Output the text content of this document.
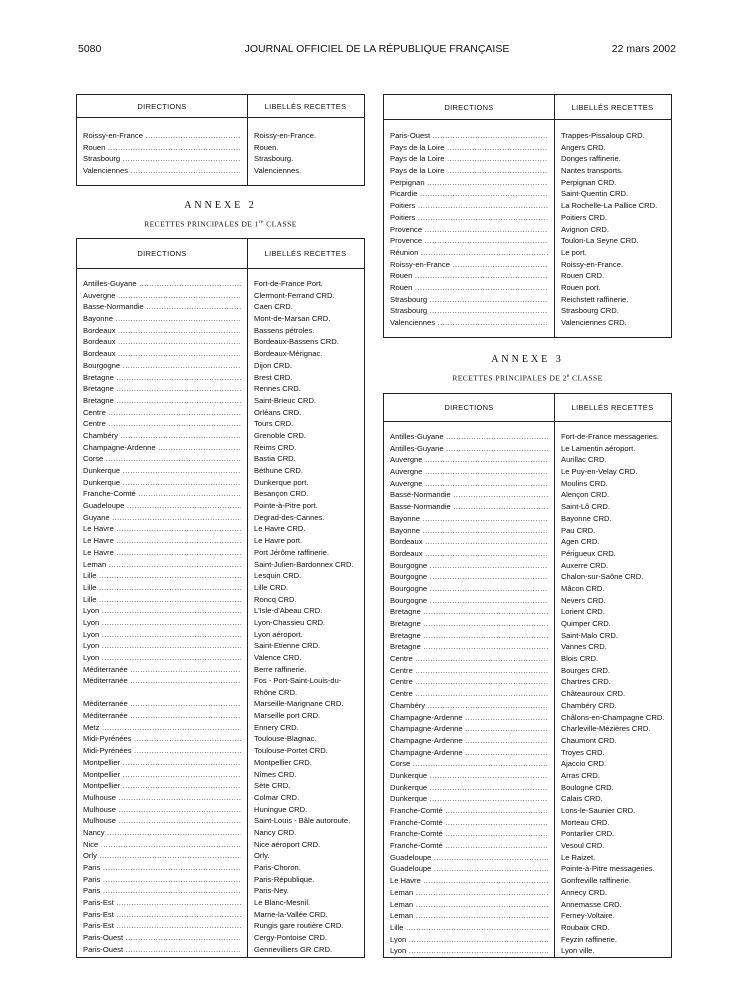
5080	JOURNAL OFFICIEL DE LA RÉPUBLIQUE FRANÇAISE	22 mars 2002
DIRECTIONS	LIBELLÉS RECETTES
Roissy-en-France .....	Roissy-en-France.
Rouen .....	Rouen.
Strasbourg .....	Strasbourg.
Valenciennes .....	Valenciennes.
ANNEXE 2
RECETTES PRINCIPALES DE 1re CLASSE
DIRECTIONS	LIBELLÉS RECETTES
Antilles-Guyane .....	Fort-de-France Port.
Auvergne .....	Clermont-Ferrand CRD.
Basse-Normandie .....	Caen CRD.
Bayonne .....	Mont-de-Marsan CRD.
Bordeaux .....	Bassens pétroles.
Bordeaux .....	Bordeaux-Bassens CRD.
Bordeaux .....	Bordeaux-Mérignac.
Bourgogne .....	Dijon CRD.
Bretagne .....	Brest CRD.
Bretagne .....	Rennes CRD.
Bretagne .....	Saint-Brieuc CRD.
Centre .....	Orléans CRD.
Centre .....	Tours CRD.
Chambéry .....	Grenoble CRD.
Champagne-Ardenne .....	Reims CRD.
Corse .....	Bastia CRD.
Dunkerque .....	Béthune CRD.
Dunkerque .....	Dunkerque port.
Franche-Comté .....	Besançon CRD.
Guadeloupe .....	Pointe-à-Pitre port.
Guyane .....	Degrad-des-Cannes.
Le Havre .....	Le Havre CRD.
Le Havre .....	Le Havre port.
Le Havre .....	Port Jérôme raffinerie.
Leman .....	Saint-Julien-Bardonnex CRD.
Lille .....	Lesquin CRD.
Lille .....	Lille CRD.
Lille .....	Roncq CRD.
Lyon .....	L'Isle-d'Abeau CRD.
Lyon .....	Lyon-Chassieu CRD.
Lyon .....	Lyon aéroport.
Lyon .....	Saint-Etienne CRD.
Lyon .....	Valence CRD.
Méditerranée .....	Berre raffinerie.
Méditerranée .....	Fos - Port-Saint-Louis-du-Rhône CRD.
Méditerranée .....	Marseille-Marignane CRD.
Méditerranée .....	Marseille port CRD.
Metz .....	Ennery CRD.
Midi-Pyrénées .....	Toulouse-Blagnac.
Midi-Pyrénées .....	Toulouse-Portet CRD.
Montpellier .....	Montpellier CRD.
Montpellier .....	Nîmes CRD.
Montpellier .....	Sète CRD.
Mulhouse .....	Colmar CRD.
Mulhouse .....	Huningue CRD.
Mulhouse .....	Saint-Louis - Bâle autoroute.
Nancy .....	Nancy CRD.
Nice .....	Nice aéroport CRD.
Orly .....	Orly.
Paris .....	Paris-Choron.
Paris .....	Paris-République.
Paris .....	Paris-Ney.
Paris-Est .....	Le Blanc-Mesnil.
Paris-Est .....	Marne-la-Vallée CRD.
Paris-Est .....	Rungis gare routière CRD.
Paris-Ouest .....	Cergy-Pontoise CRD.
Paris-Ouest .....	Gennevilliers GR CRD.
DIRECTIONS	LIBELLÉS RECETTES
Paris-Ouest .....	Trappes-Pissaloup CRD.
Pays de la Loire .....	Angers CRD.
Pays de la Loire .....	Donges raffinerie.
Pays de la Loire .....	Nantes transports.
Perpignan .....	Perpignan CRD.
Picardie .....	Saint-Quentin CRD.
Poitiers .....	La Rochelle-La Pallice CRD.
Poitiers .....	Poitiers CRD.
Provence .....	Avignon CRD.
Provence .....	Toulon-La Seyne CRD.
Réunion .....	Le port.
Roissy-en-France .....	Roissy-en-France.
Rouen .....	Rouen CRD.
Rouen .....	Rouen port.
Strasbourg .....	Reichstett raffinerie.
Strasbourg .....	Strasbourg CRD.
Valenciennes .....	Valenciennes CRD.
ANNEXE 3
RECETTES PRINCIPALES DE 2e CLASSE
DIRECTIONS	LIBELLÉS RECETTES
Antilles-Guyane .....	Fort-de-France messageries.
Antilles-Guyane .....	Le Lamentin aéroport.
Auvergne .....	Aurillac CRD.
Auvergne .....	Le Puy-en-Velay CRD.
Auvergne .....	Moulins CRD.
Basse-Normandie .....	Alençon CRD.
Basse-Normandie .....	Saint-Lô CRD.
Bayonne .....	Bayonne CRD.
Bayonne .....	Pau CRD.
Bordeaux .....	Agen CRD.
Bordeaux .....	Périgueux CRD.
Bourgogne .....	Auxerre CRD.
Bourgogne .....	Chalon-sur-Saône CRD.
Bourgogne .....	Mâcon CRD.
Bourgogne .....	Nevers CRD.
Bretagne .....	Lorient CRD.
Bretagne .....	Quimper CRD.
Bretagne .....	Saint-Malo CRD.
Bretagne .....	Vannes CRD.
Centre .....	Blois CRD.
Centre .....	Bourges CRD.
Centre .....	Chartres CRD.
Centre .....	Châteauroux CRD.
Chambéry .....	Chambéry CRD.
Champagne-Ardenne .....	Châlons-en-Champagne CRD.
Champagne-Ardenne .....	Charleville-Mézières CRD.
Champagne-Ardenne .....	Chaumont CRD.
Champagne-Ardenne .....	Troyes CRD.
Corse .....	Ajaccio CRD.
Dunkerque .....	Arras CRD.
Dunkerque .....	Boulogne CRD.
Dunkerque .....	Calais CRD.
Franche-Comté .....	Lons-le-Saunier CRD.
Franche-Comté .....	Morteau CRD.
Franche-Comté .....	Pontarlier CRD.
Franche-Comté .....	Vesoul CRD.
Guadeloupe .....	Le Raizet.
Guadeloupe .....	Pointe-à-Pitre messageries.
Le Havre .....	Gonfreville raffinerie.
Leman .....	Annecy CRD.
Leman .....	Annemasse CRD.
Leman .....	Ferney-Voltaire.
Lille .....	Roubaix CRD.
Lyon .....	Feyzin raffinerie.
Lyon .....	Lyon ville.
